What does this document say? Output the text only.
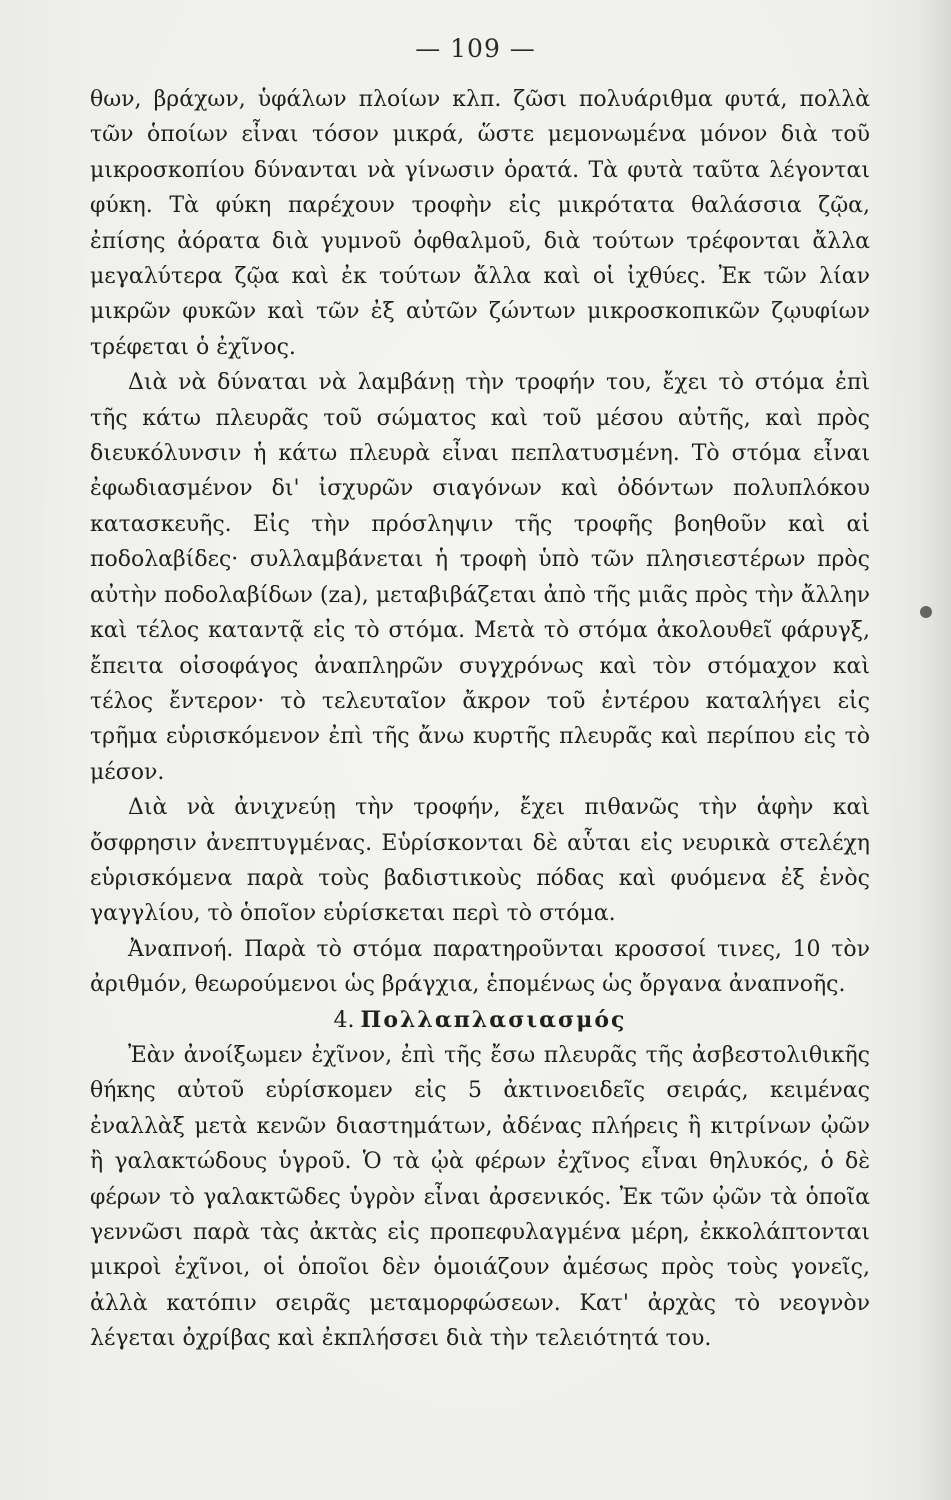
— 109 —

θων, βράχων, ὑφάλων πλοίων κλπ. ζῶσι πολυάριθμα φυτά, πολλὰ τῶν ὁποίων εἶναι τόσον μικρά, ὥστε μεμονωμένα μόνον διὰ τοῦ μικροσκοπίου δύνανται νὰ γίνωσιν ὁρατά. Τὰ φυτὰ ταῦτα λέγονται φύκη. Τὰ φύκη παρέχουν τροφὴν εἰς μικρότατα θαλάσσια ζῷα, ἐπίσης ἀόρατα διὰ γυμνοῦ ὀφθαλμοῦ, διὰ τούτων τρέφονται ἄλλα μεγαλύτερα ζῷα καὶ ἐκ τούτων ἄλλα καὶ οἱ ἰχθύες. Ἐκ τῶν λίαν μικρῶν φυκῶν καὶ τῶν ἐξ αὐτῶν ζώντων μικροσκοπικῶν ζῳυφίων τρέφεται ὁ ἐχῖνος.

Διὰ νὰ δύναται νὰ λαμβάνῃ τὴν τροφήν του, ἔχει τὸ στόμα ἐπὶ τῆς κάτω πλευρᾶς τοῦ σώματος καὶ τοῦ μέσου αὐτῆς, καὶ πρὸς διευκόλυνσιν ἡ κάτω πλευρὰ εἶναι πεπλατυσμένη. Τὸ στόμα εἶναι ἐφωδιασμένον δι' ἰσχυρῶν σιαγόνων καὶ ὀδόντων πολυπλόκου κατασκευῆς. Εἰς τὴν πρόσληψιν τῆς τροφῆς βοηθοῦν καὶ αἱ ποδολαβίδες· συλλαμβάνεται ἡ τροφὴ ὑπὸ τῶν πλησιεστέρων πρὸς αὐτὴν ποδολαβίδων (za), μεταβιβάζεται ἀπὸ τῆς μιᾶς πρὸς τὴν ἄλλην καὶ τέλος καταντᾷ εἰς τὸ στόμα. Μετὰ τὸ στόμα ἀκολουθεῖ φάρυγξ, ἔπειτα οἰσοφάγος ἀναπληρῶν συγχρόνως καὶ τὸν στόμαχον καὶ τέλος ἔντερον· τὸ τελευταῖον ἄκρον τοῦ ἐντέρου καταλήγει εἰς τρῆμα εὑρισκόμενον ἐπὶ τῆς ἄνω κυρτῆς πλευρᾶς καὶ περίπου εἰς τὸ μέσον.

Διὰ νὰ ἀνιχνεύῃ τὴν τροφήν, ἔχει πιθανῶς τὴν ἁφὴν καὶ ὄσφρησιν ἀνεπτυγμένας. Εὑρίσκονται δὲ αὗται εἰς νευρικὰ στελέχη εὑρισκόμενα παρὰ τοὺς βαδιστικοὺς πόδας καὶ φυόμενα ἐξ ἑνὸς γαγγλίου, τὸ ὁποῖον εὑρίσκεται περὶ τὸ στόμα.

Ἀναπνοή. Παρὰ τὸ στόμα παρατηροῦνται κροσσοί τινες, 10 τὸν ἀριθμόν, θεωρούμενοι ὡς βράγχια, ἑπομένως ὡς ὄργανα ἀναπνοῆς.

4. Πολλαπλασιασμός

Ἐὰν ἀνοίξωμεν ἐχῖνον, ἐπὶ τῆς ἔσω πλευρᾶς τῆς ἀσβεστολιθικῆς θήκης αὐτοῦ εὑρίσκομεν εἰς 5 ἀκτινοειδεῖς σειράς, κειμένας ἐναλλὰξ μετὰ κενῶν διαστημάτων, ἀδένας πλήρεις ἢ κιτρίνων ᾠῶν ἢ γαλακτώδους ὑγροῦ. Ὁ τὰ ᾠὰ φέρων ἐχῖνος εἶναι θηλυκός, ὁ δὲ φέρων τὸ γαλακτῶδες ὑγρὸν εἶναι ἀρσενικός. Ἐκ τῶν ᾠῶν τὰ ὁποῖα γεννῶσι παρὰ τὰς ἀκτὰς εἰς προπεφυλαγμένα μέρη, ἐκκολάπτονται μικροὶ ἐχῖνοι, οἱ ὁποῖοι δὲν ὁμοιάζουν ἀμέσως πρὸς τοὺς γονεῖς, ἀλλὰ κατόπιν σειρᾶς μεταμορφώσεων. Κατ' ἀρχὰς τὸ νεογνὸν λέγεται ὀχρίβας καὶ ἐκπλήσσει διὰ τὴν τελειότητά του.
